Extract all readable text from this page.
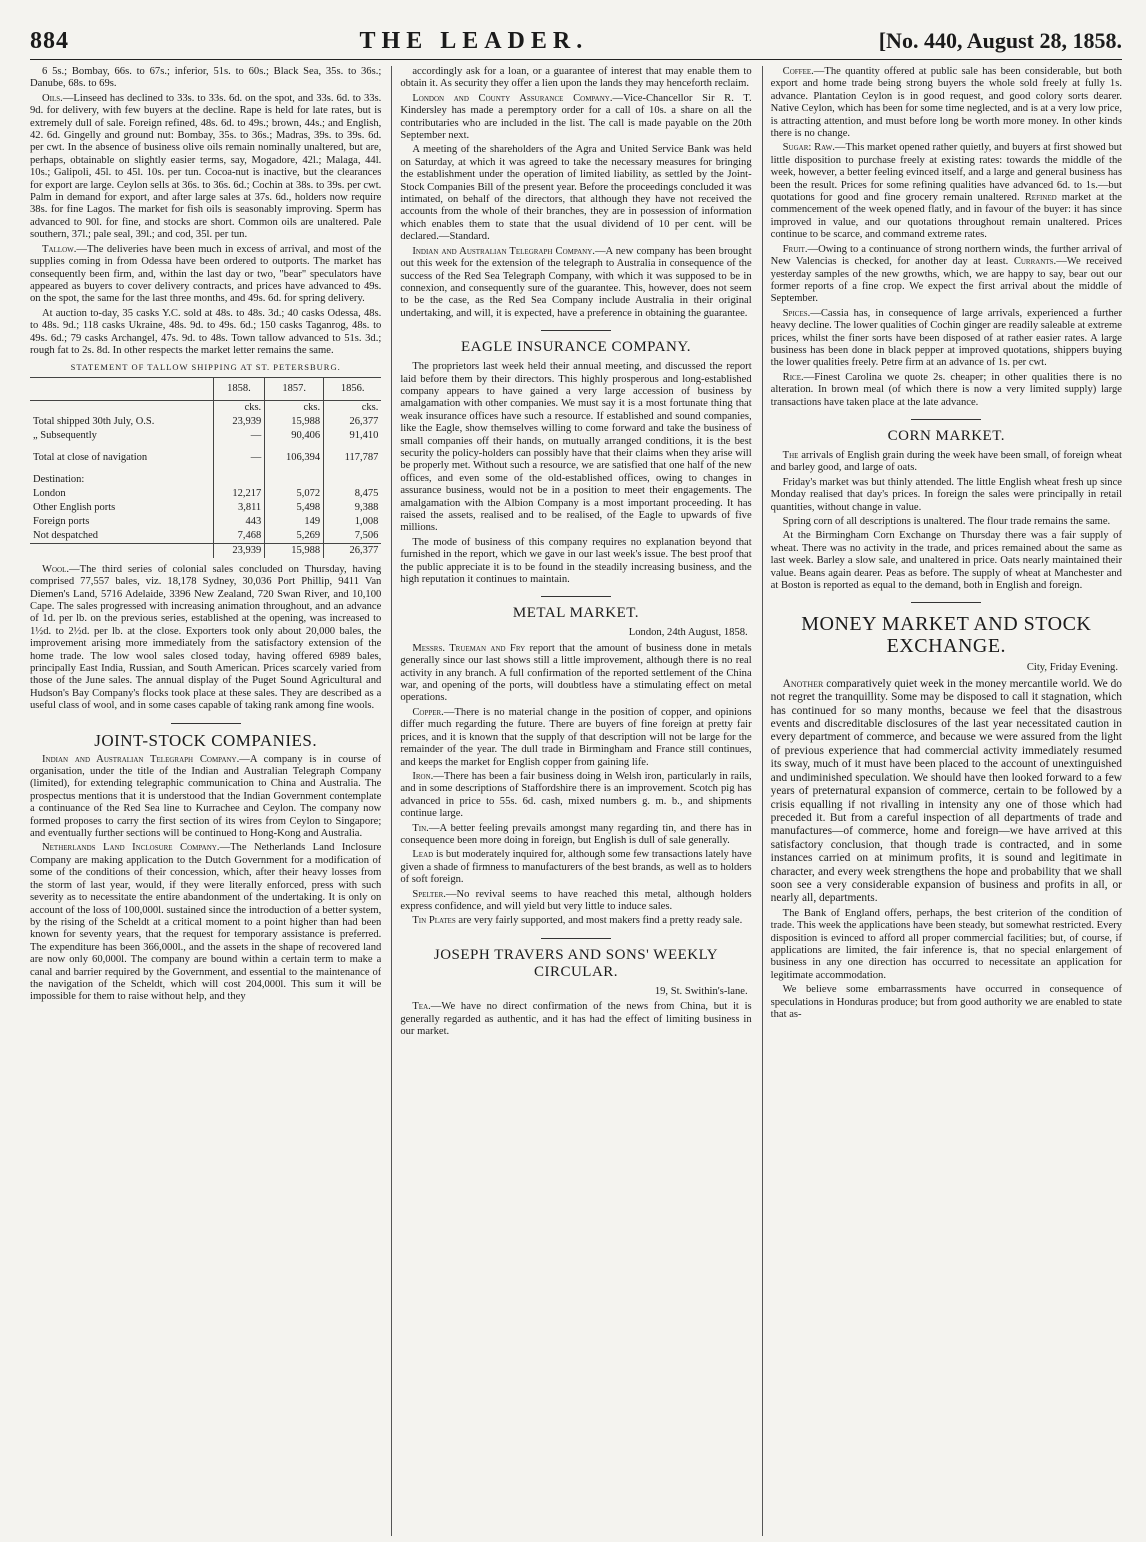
884	THE LEADER.	[No. 440, August 28, 1858.

6 5s.; Bombay, 66s. to 67s.; inferior, 51s. to 60s.; Black Sea, 35s. to 36s.; Danube, 68s. to 69s.

Oils.—Linseed has declined to 33s. to 33s. 6d. on the spot, and 33s. 6d. to 33s. 9d. for delivery, with few buyers at the decline. Rape is held for late rates, but is extremely dull of sale. Foreign refined, 48s. 6d. to 49s.; brown, 44s.; and English, 42. 6d. Gingelly and ground nut: Bombay, 35s. to 36s.; Madras, 39s. to 39s. 6d. per cwt. In the absence of business olive oils remain nominally unaltered, but are, perhaps, obtainable on slightly easier terms, say, Mogadore, 42l.; Malaga, 44l. 10s.; Galipoli, 45l. to 45l. 10s. per tun. Cocoa-nut is inactive, but the clearances for export are large. Ceylon sells at 36s. to 36s. 6d.; Cochin at 38s. to 39s. per cwt. Palm in demand for export, and after large sales at 37s. 6d., holders now require 38s. for fine Lagos. The market for fish oils is seasonably improving. Sperm has advanced to 90l. for fine, and stocks are short. Common oils are unaltered. Pale southern, 37l.; pale seal, 39l.; and cod, 35l. per tun.

Tallow.—The deliveries have been much in excess of arrival, and most of the supplies coming in from Odessa have been ordered to outports. The market has consequently been firm, and, within the last day or two, "bear" speculators have appeared as buyers to cover delivery contracts, and prices have advanced to 49s. on the spot, the same for the last three months, and 49s. 6d. for spring delivery.

At auction to-day, 35 casks Y.C. sold at 48s. to 48s. 3d.; 40 casks Odessa, 48s. to 48s. 9d.; 118 casks Ukraine, 48s. 9d. to 49s. 6d.; 150 casks Taganrog, 48s. to 49s. 6d.; 79 casks Archangel, 47s. 9d. to 48s. Town tallow advanced to 51s. 3d.; rough fat to 2s. 8d. In other respects the market letter remains the same.

STATEMENT OF TALLOW SHIPPING AT ST. PETERSBURG.
	1858.	1857.	1856.
	cks.	cks.	cks.
Total shipped 30th July, O.S.	23,939	15,988	26,377
„ Subsequently	—	90,406	91,410

Total at close of navigation	—	106,394	117,787

Destination:			
London	12,217	5,072	8,475
Other English ports	3,811	5,498	9,388
Foreign ports	443	149	1,008
Not despatched	7,468	5,269	7,506
	23,939	15,988	26,377

Wool.—The third series of colonial sales concluded on Thursday, having comprised 77,557 bales, viz. 18,178 Sydney, 30,036 Port Phillip, 9411 Van Diemen's Land, 5716 Adelaide, 3396 New Zealand, 720 Swan River, and 10,100 Cape. The sales progressed with increasing animation throughout, and an advance of 1d. per lb. on the previous series, established at the opening, was increased to 1½d. to 2½d. per lb. at the close. Exporters took only about 20,000 bales, the improvement arising more immediately from the satisfactory extension of the home trade. The low wool sales closed today, having offered 6989 bales, principally East India, Russian, and South American. Prices scarcely varied from those of the June sales. The annual display of the Puget Sound Agricultural and Hudson's Bay Company's flocks took place at these sales. They are described as a useful class of wool, and in some cases capable of taking rank among fine wools.

JOINT-STOCK COMPANIES.

Indian and Australian Telegraph Company.—A company is in course of organisation, under the title of the Indian and Australian Telegraph Company (limited), for extending telegraphic communication to China and Australia. The prospectus mentions that it is understood that the Indian Government contemplate a continuance of the Red Sea line to Kurrachee and Ceylon. The company now formed proposes to carry the first section of its wires from Ceylon to Singapore; and eventually further sections will be continued to Hong-Kong and Australia.

Netherlands Land Inclosure Company.—The Netherlands Land Inclosure Company are making application to the Dutch Government for a modification of some of the conditions of their concession, which, after their heavy losses from the storm of last year, would, if they were literally enforced, press with such severity as to necessitate the entire abandonment of the undertaking. It is only on account of the loss of 100,000l. sustained since the introduction of a better system, by the rising of the Scheldt at a critical moment to a point higher than had been known for seventy years, that the request for temporary assistance is preferred. The expenditure has been 366,000l., and the assets in the shape of recovered land are now only 60,000l. The company are bound within a certain term to make a canal and barrier required by the Government, and essential to the maintenance of the navigation of the Scheldt, which will cost 204,000l. This sum it will be impossible for them to raise without help, and they

accordingly ask for a loan, or a guarantee of interest that may enable them to obtain it. As security they offer a lien upon the lands they may henceforth reclaim.

London and County Assurance Company.—Vice-Chancellor Sir R. T. Kindersley has made a peremptory order for a call of 10s. a share on all the contributaries who are included in the list. The call is made payable on the 20th September next.

A meeting of the shareholders of the Agra and United Service Bank was held on Saturday, at which it was agreed to take the necessary measures for bringing the establishment under the operation of limited liability, as settled by the Joint-Stock Companies Bill of the present year. Before the proceedings concluded it was intimated, on behalf of the directors, that although they have not received the accounts from the whole of their branches, they are in possession of information which enables them to state that the usual dividend of 10 per cent. will be declared.—Standard.

Indian and Australian Telegraph Company.—A new company has been brought out this week for the extension of the telegraph to Australia in consequence of the success of the Red Sea Telegraph Company, with which it was supposed to be in connexion, and consequently sure of the guarantee. This, however, does not seem to be the case, as the Red Sea Company include Australia in their original undertaking, and will, it is expected, have a preference in obtaining the guarantee.

EAGLE INSURANCE COMPANY.

The proprietors last week held their annual meeting, and discussed the report laid before them by their directors. This highly prosperous and long-established company appears to have gained a very large accession of business by amalgamation with other companies. We must say it is a most fortunate thing that weak insurance offices have such a resource. If established and sound companies, like the Eagle, show themselves willing to come forward and take the business of small companies off their hands, on mutually arranged conditions, it is the best security the policy-holders can possibly have that their claims when they arise will be properly met. Without such a resource, we are satisfied that one half of the new offices, and even some of the old-established offices, owing to changes in assurance business, would not be in a position to meet their engagements. The amalgamation with the Albion Company is a most important proceeding. It has raised the assets, realised and to be realised, of the Eagle to upwards of five millions.

The mode of business of this company requires no explanation beyond that furnished in the report, which we gave in our last week's issue. The best proof that the public appreciate it is to be found in the steadily increasing business, and the high reputation it continues to maintain.

METAL MARKET.
London, 24th August, 1858.

Messrs. Trueman and Fry report that the amount of business done in metals generally since our last shows still a little improvement, although there is no real activity in any branch. A full confirmation of the reported settlement of the China war, and opening of the ports, will doubtless have a stimulating effect on metal operations.

Copper.—There is no material change in the position of copper, and opinions differ much regarding the future. There are buyers of fine foreign at pretty fair prices, and it is known that the supply of that description will not be large for the remainder of the year. The dull trade in Birmingham and France still continues, and keeps the market for English copper from gaining life.

Iron.—There has been a fair business doing in Welsh iron, particularly in rails, and in some descriptions of Staffordshire there is an improvement. Scotch pig has advanced in price to 55s. 6d. cash, mixed numbers g. m. b., and shipments continue large.

Tin.—A better feeling prevails amongst many regarding tin, and there has in consequence been more doing in foreign, but English is dull of sale generally.

Lead is but moderately inquired for, although some few transactions lately have given a shade of firmness to manufacturers of the best brands, as well as to holders of soft foreign.

Spelter.—No revival seems to have reached this metal, although holders express confidence, and will yield but very little to induce sales.

Tin Plates are very fairly supported, and most makers find a pretty ready sale.

JOSEPH TRAVERS AND SONS' WEEKLY CIRCULAR.
19, St. Swithin's-lane.

Tea.—We have no direct confirmation of the news from China, but it is generally regarded as authentic, and it has had the effect of limiting business in our market.

Coffee.—The quantity offered at public sale has been considerable, but both export and home trade being strong buyers the whole sold freely at fully 1s. advance. Plantation Ceylon is in good request, and good colory sorts dearer. Native Ceylon, which has been for some time neglected, and is at a very low price, is attracting attention, and must before long be worth more money. In other kinds there is no change.

Sugar: Raw.—This market opened rather quietly, and buyers at first showed but little disposition to purchase freely at existing rates: towards the middle of the week, however, a better feeling evinced itself, and a large and general business has been the result. Prices for some refining qualities have advanced 6d. to 1s.—but quotations for good and fine grocery remain unaltered. Refined market at the commencement of the week opened flatly, and in favour of the buyer: it has since improved in value, and our quotations throughout remain unaltered. Prices continue to be scarce, and command extreme rates.

Fruit.—Owing to a continuance of strong northern winds, the further arrival of New Valencias is checked, for another day at least. Currants.—We received yesterday samples of the new growths, which, we are happy to say, bear out our former reports of a fine crop. We expect the first arrival about the middle of September.

Spices.—Cassia has, in consequence of large arrivals, experienced a further heavy decline. The lower qualities of Cochin ginger are readily saleable at extreme prices, whilst the finer sorts have been disposed of at rather easier rates. A large business has been done in black pepper at improved quotations, shippers buying the lower qualities freely. Petre firm at an advance of 1s. per cwt.

Rice.—Finest Carolina we quote 2s. cheaper; in other qualities there is no alteration. In brown meal (of which there is now a very limited supply) large transactions have taken place at the late advance.

CORN MARKET.

The arrivals of English grain during the week have been small, of foreign wheat and barley good, and large of oats.

Friday's market was but thinly attended. The little English wheat fresh up since Monday realised that day's prices. In foreign the sales were principally in retail quantities, without change in value.

Spring corn of all descriptions is unaltered. The flour trade remains the same.

At the Birmingham Corn Exchange on Thursday there was a fair supply of wheat. There was no activity in the trade, and prices remained about the same as last week. Barley a slow sale, and unaltered in price. Oats nearly maintained their value. Beans again dearer. Peas as before. The supply of wheat at Manchester and at Boston is reported as equal to the demand, both in English and foreign.

MONEY MARKET AND STOCK EXCHANGE.
City, Friday Evening.

Another comparatively quiet week in the money mercantile world. We do not regret the tranquillity. Some may be disposed to call it stagnation, which has continued for so many months, because we feel that the disastrous events and discreditable disclosures of the last year necessitated caution in every department of commerce, and because we were assured from the light of previous experience that had commercial activity immediately resumed its sway, much of it must have been placed to the account of unextinguished and undiminished speculation. We should have then looked forward to a few years of preternatural expansion of commerce, certain to be followed by a crisis equalling if not rivalling in intensity any one of those which had preceded it. But from a careful inspection of all departments of trade and manufactures—of commerce, home and foreign—we have arrived at this satisfactory conclusion, that though trade is contracted, and in some instances carried on at minimum profits, it is sound and legitimate in character, and every week strengthens the hope and probability that we shall soon see a very considerable expansion of business and profits in all, or nearly all, departments.

The Bank of England offers, perhaps, the best criterion of the condition of trade. This week the applications have been steady, but somewhat restricted. Every disposition is evinced to afford all proper commercial facilities; but, of course, if applications are limited, the fair inference is, that no special enlargement of business in any one direction has occurred to necessitate an application for legitimate accommodation.

We believe some embarrassments have occurred in consequence of speculations in Honduras produce; but from good authority we are enabled to state that as-
